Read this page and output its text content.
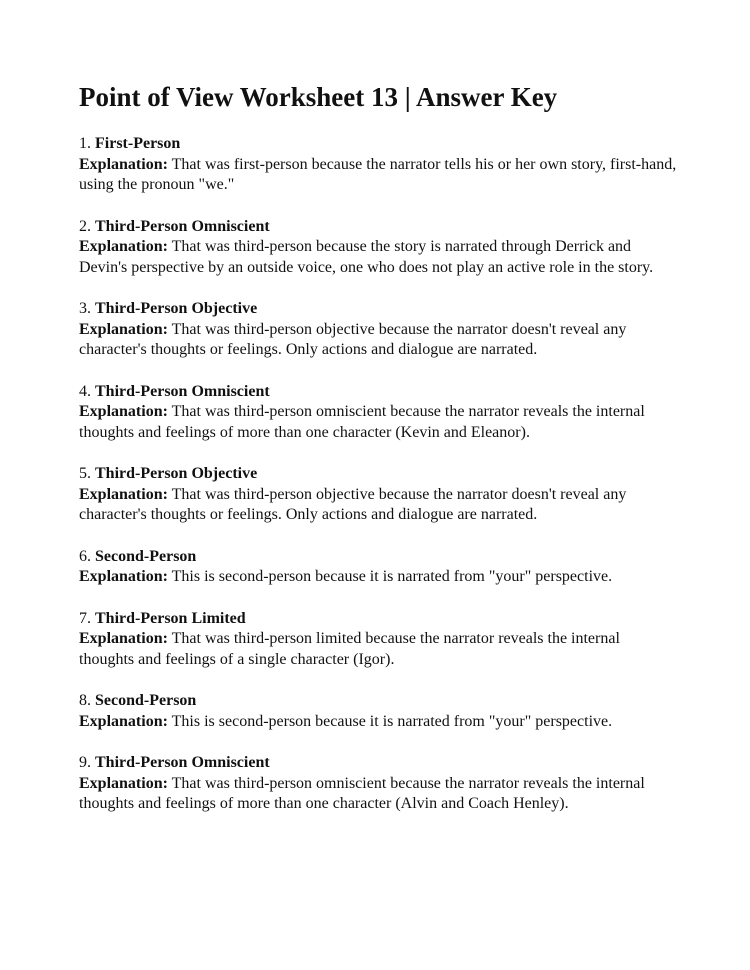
Point of View Worksheet 13 | Answer Key
1. First-Person
Explanation: That was first-person because the narrator tells his or her own story, first-hand, using the pronoun "we."
2. Third-Person Omniscient
Explanation: That was third-person because the story is narrated through Derrick and Devin's perspective by an outside voice, one who does not play an active role in the story.
3. Third-Person Objective
Explanation: That was third-person objective because the narrator doesn't reveal any character's thoughts or feelings. Only actions and dialogue are narrated.
4. Third-Person Omniscient
Explanation: That was third-person omniscient because the narrator reveals the internal thoughts and feelings of more than one character (Kevin and Eleanor).
5. Third-Person Objective
Explanation: That was third-person objective because the narrator doesn't reveal any character's thoughts or feelings. Only actions and dialogue are narrated.
6. Second-Person
Explanation: This is second-person because it is narrated from "your" perspective.
7. Third-Person Limited
Explanation: That was third-person limited because the narrator reveals the internal thoughts and feelings of a single character (Igor).
8. Second-Person
Explanation: This is second-person because it is narrated from "your" perspective.
9. Third-Person Omniscient
Explanation: That was third-person omniscient because the narrator reveals the internal thoughts and feelings of more than one character (Alvin and Coach Henley).
